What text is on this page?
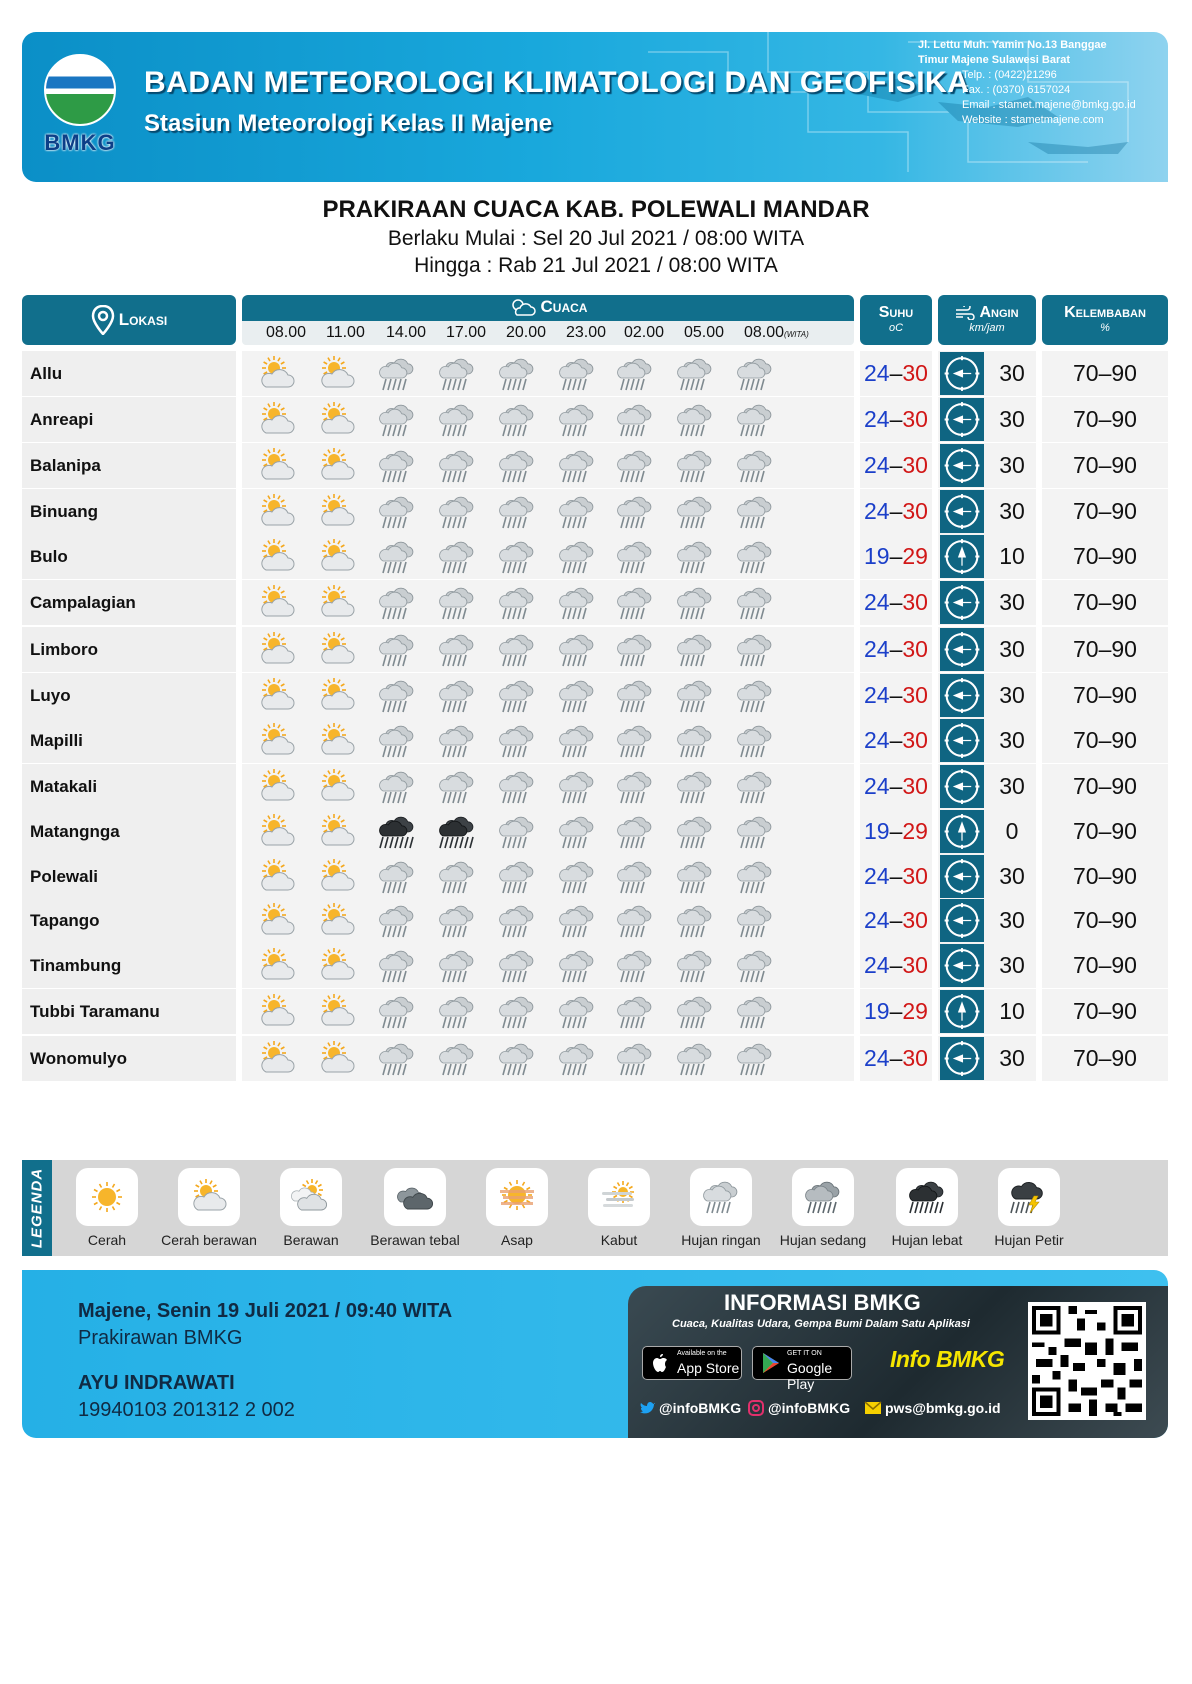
BMKG
BADAN METEOROLOGI KLIMATOLOGI DAN GEOFISIKA
Stasiun Meteorologi Kelas II Majene
Jl. Lettu Muh. Yamin No.13 Banggae
Timur Majene Sulawesi Barat
Telp. : (0422)21296
Fax. : (0370) 6157024
Email : stamet.majene@bmkg.go.id
Website : stametmajene.com
PRAKIRAAN CUACA KAB. POLEWALI MANDAR
Berlaku Mulai : Sel 20 Jul 2021 / 08:00 WITA
Hingga : Rab 21 Jul 2021 / 08:00 WITA
Lokasi
Cuaca
08.00 11.00 14.00 17.00 20.00 23.00 02.00 05.00 08.00(WITA)
Suhu
oC
Angin
km/jam
Kelembaban
%
Allu	24 – 30	30	70–90
Anreapi	24 – 30	30	70–90
Balanipa	24 – 30	30	70–90
Binuang	24 – 30	30	70–90
Bulo	19 – 29	10	70–90
Campalagian	24 – 30	30	70–90
Limboro	24 – 30	30	70–90
Luyo	24 – 30	30	70–90
Mapilli	24 – 30	30	70–90
Matakali	24 – 30	30	70–90
Matangnga	19 – 29	0	70–90
Polewali	24 – 30	30	70–90
Tapango	24 – 30	30	70–90
Tinambung	24 – 30	30	70–90
Tubbi Taramanu	19 – 29	10	70–90
Wonomulyo	24 – 30	30	70–90
LEGENDA	Cerah	Cerah berawan	Berawan	Berawan tebal	Asap	Kabut	Hujan ringan	Hujan sedang	Hujan lebat	Hujan Petir
Majene, Senin 19 Juli 2021 / 09:40 WITA
Prakirawan BMKG
AYU INDRAWATI
19940103 201312 2 002
INFORMASI BMKG
Cuaca, Kualitas Udara, Gempa Bumi Dalam Satu Aplikasi
Available on the
App Store
GET IT ON
Google Play
Info BMKG
@infoBMKG @infoBMKG pws@bmkg.go.id
